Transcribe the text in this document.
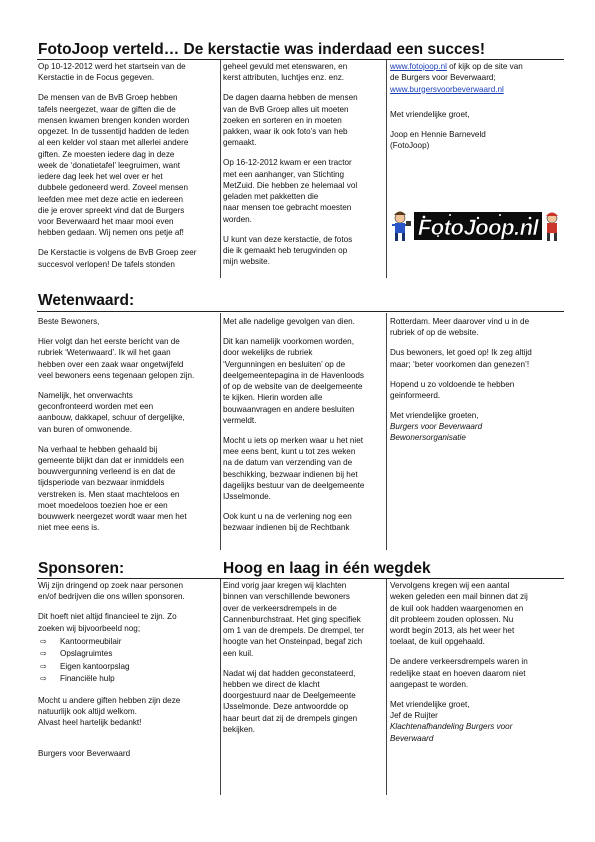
FotoJoop verteld… De kerstactie was inderdaad een succes!

Op 10-12-2012 werd het startsein van de
Kerstactie in de Focus gegeven.

De mensen van de BvB Groep hebben
tafels neergezet, waar de giften die de
mensen kwamen brengen konden worden
opgezet. In de tussentijd hadden de leden
al een kelder vol staan met allerlei andere
giften. Ze moesten iedere dag in deze
week de ‘donatietafel’ leegruimen, want
iedere dag leek het wel over er het
dubbele gedoneerd werd. Zoveel mensen
leefden mee met deze actie en iedereen
die je erover spreekt vind dat de Burgers
voor Beverwaard het maar mooi even
hebben gedaan. Wij nemen ons petje af!

De Kerstactie is volgens de BvB Groep zeer
succesvol verlopen! De tafels stonden

geheel gevuld met etenswaren, en
kerst attributen, luchtjes enz. enz.

De dagen daarna hebben de mensen
van de BvB Groep alles uit moeten
zoeken en sorteren en in moeten
pakken, waar ik ook foto’s van heb
gemaakt.

Op 16-12-2012 kwam er een tractor
met een aanhanger, van Stichting
MetZuid. Die hebben ze helemaal vol
geladen met pakketten die
naar mensen toe gebracht moesten
worden.

U kunt van deze kerstactie, de fotos
die ik gemaakt heb terugvinden op
mijn website.

www.fotojoop.nl of kijk op de site van
de Burgers voor Beverwaard;

www.burgersvoorbeverwaard.nl

Met vriendelijke groet,

Joop en Hennie Barneveld
(FotoJoop)

FotoJoop.nl
Wetenwaard:

Beste Bewoners,

Hier volgt dan het eerste bericht van de
rubriek ‘Wetenwaard’. Ik wil het gaan
hebben over een zaak waar ongetwijfeld
veel bewoners eens tegenaan gelopen zijn.

Namelijk, het onverwachts
geconfronteerd worden met een
aanbouw, dakkapel, schuur of dergelijke,
van buren of omwonende.

Na verhaal te hebben gehaald bij
gemeente blijkt dan dat er inmiddels een
bouwvergunning verleend is en dat de
tijdsperiode van bezwaar inmiddels
verstreken is. Men staat machteloos en
moet moedeloos toezien hoe er een
bouwwerk neergezet wordt waar men het
niet mee eens is.

Met alle nadelige gevolgen van dien.

Dit kan namelijk voorkomen worden,
door wekelijks de rubriek
‘Vergunningen en besluiten’ op de
deelgemeentepagina in de Havenloods
of op de website van de deelgemeente
te kijken. Hierin worden alle
bouwaanvragen en andere besluiten
vermeldt.

Mocht u iets op merken waar u het niet
mee eens bent, kunt u tot zes weken
na de datum van verzending van de
beschikking, bezwaar indienen bij het
dagelijks bestuur van de deelgemeente
IJsselmonde.

Ook kunt u na de verlening nog een
bezwaar indienen bij de Rechtbank

Rotterdam. Meer daarover vind u in de
rubriek of op de website.

Dus bewoners, let goed op! Ik zeg altijd
maar; ‘beter voorkomen dan genezen’!

Hopend u zo voldoende te hebben
geinformeerd.

Met vriendelijke groeten,

Burgers voor Beverwaard
Bewonersorganisatie

Sponsoren:	Hoog en laag in één wegdek

Wij zijn dringend op zoek naar personen
en/of bedrijven die ons willen sponsoren.

Dit hoeft niet altijd financieel te zijn. Zo
zoeken wij bijvoorbeeld nog;

⇨ Kantoormeubilair
⇨ Opslagruimtes
⇨ Eigen kantoorpslag
⇨ Financiële hulp

Mocht u andere giften hebben zijn deze
natuurlijk ook altijd welkom.
Alvast heel hartelijk bedankt!

Burgers voor Beverwaard

Eind vorig jaar kregen wij klachten
binnen van verschillende bewoners
over de verkeersdrempels in de
Cannenburchstraat. Het ging specifiek
om 1 van de drempels. De drempel, ter
hoogte van het Onsteinpad, begaf zich
een kuil.

Nadat wij dat hadden geconstateerd,
hebben we direct de klacht
doorgestuurd naar de Deelgemeente
IJsselmonde. Deze antwoordde op
haar beurt dat zij de drempels gingen
bekijken.

Vervolgens kregen wij een aantal
weken geleden een mail binnen dat zij
de kuil ook hadden waargenomen en
dit probleem zouden oplossen. Nu
wordt begin 2013, als het weer het
toelaat, de kuil opgehaald.

De andere verkeersdrempels waren in
redelijke staat en hoeven daarom niet
aangepast te worden.

Met vriendelijke groet,

Jef de Ruijter

Klachtenafhandeling Burgers voor
Beverwaard
